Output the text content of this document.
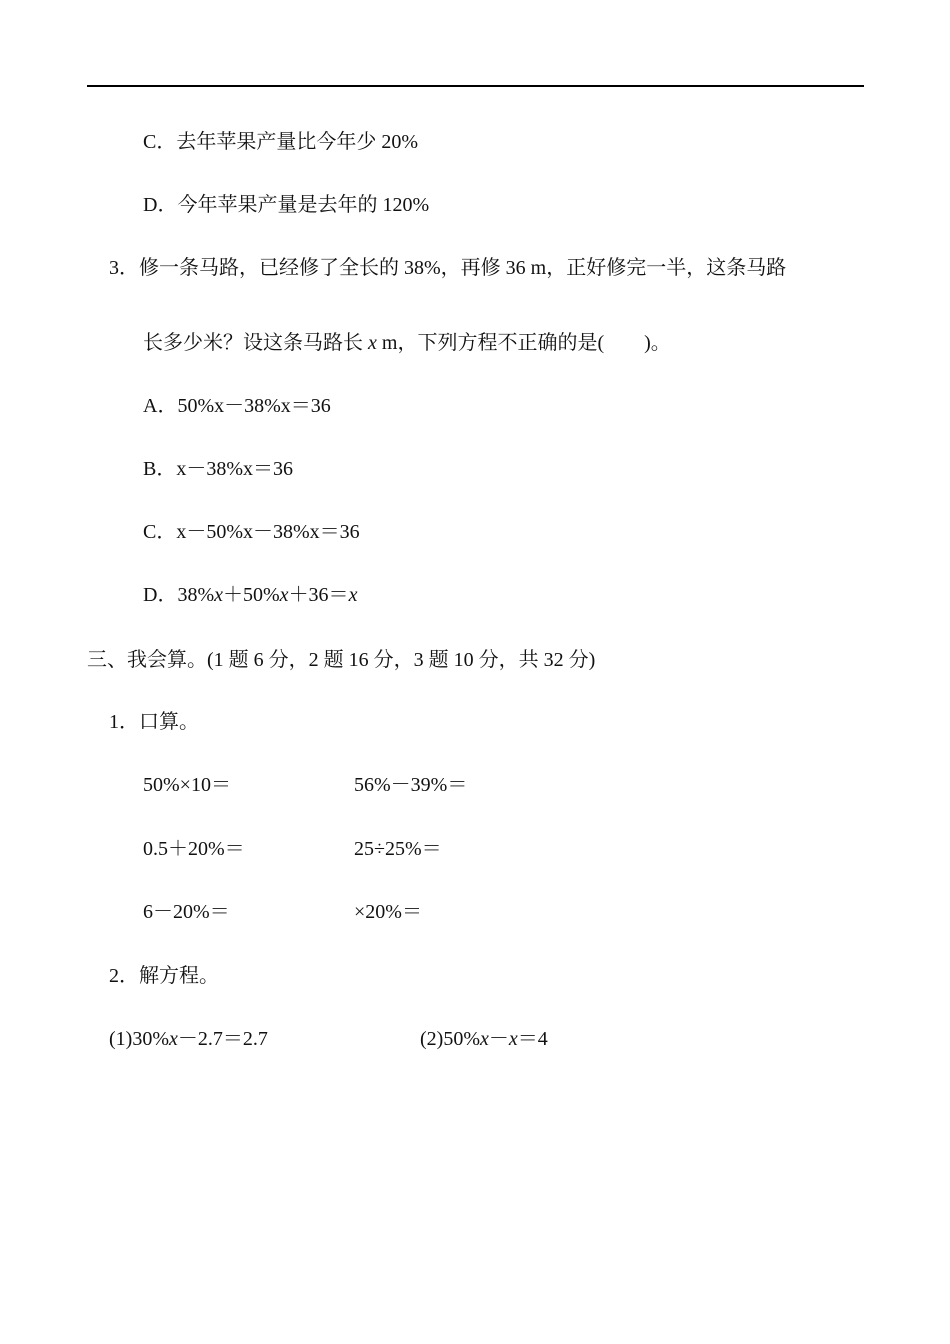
C．去年苹果产量比今年少 20%
D．今年苹果产量是去年的 120%
3．修一条马路，已经修了全长的 38%，再修 36 m，正好修完一半，这条马路
长多少米？设这条马路长 x m，下列方程不正确的是(　　)。
A．50%x－38%x＝36
B．x－38%x＝36
C．x－50%x－38%x＝36
D．38%x＋50%x＋36＝x
三、我会算。(1 题 6 分，2 题 16 分，3 题 10 分，共 32 分)
1．口算。
50%×10＝	56%－39%＝
0.5＋20%＝	25÷25%＝
6－20%＝	×20%＝
2．解方程。
(1)30%x－2.7＝2.7	(2)50%x－x＝4
